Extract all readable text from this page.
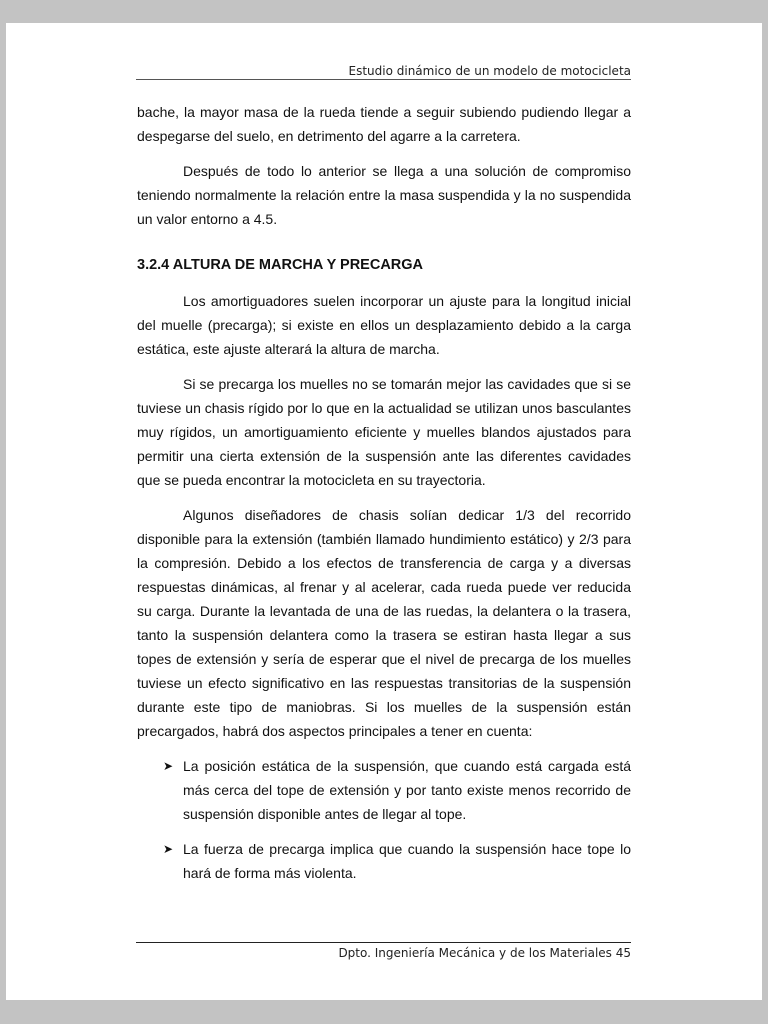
Estudio dinámico de un modelo de motocicleta

bache, la mayor masa de la rueda tiende a seguir subiendo pudiendo llegar a despegarse del suelo, en detrimento del agarre a la carretera.

Después de todo lo anterior se llega a una solución de compromiso teniendo normalmente la relación entre la masa suspendida y la no suspendida un valor entorno a 4.5.

3.2.4 ALTURA DE MARCHA Y PRECARGA

Los amortiguadores suelen incorporar un ajuste para la longitud inicial del muelle (precarga); si existe en ellos un desplazamiento debido a la carga estática, este ajuste alterará la altura de marcha.

Si se precarga los muelles no se tomarán mejor las cavidades que si se tuviese un chasis rígido por lo que en la actualidad se utilizan unos basculantes muy rígidos, un amortiguamiento eficiente y muelles blandos ajustados para permitir una cierta extensión de la suspensión ante las diferentes cavidades que se pueda encontrar la motocicleta en su trayectoria.

Algunos diseñadores de chasis solían dedicar 1/3 del recorrido disponible para la extensión (también llamado hundimiento estático) y 2/3 para la compresión. Debido a los efectos de transferencia de carga y a diversas respuestas dinámicas, al frenar y al acelerar, cada rueda puede ver reducida su carga. Durante la levantada de una de las ruedas, la delantera o la trasera, tanto la suspensión delantera como la trasera se estiran hasta llegar a sus topes de extensión y sería de esperar que el nivel de precarga de los muelles tuviese un efecto significativo en las respuestas transitorias de la suspensión durante este tipo de maniobras. Si los muelles de la suspensión están precargados, habrá dos aspectos principales a tener en cuenta:

➤ La posición estática de la suspensión, que cuando está cargada está más cerca del tope de extensión y por tanto existe menos recorrido de suspensión disponible antes de llegar al tope.
➤ La fuerza de precarga implica que cuando la suspensión hace tope lo hará de forma más violenta.
Dpto. Ingeniería Mecánica y de los Materiales 45
